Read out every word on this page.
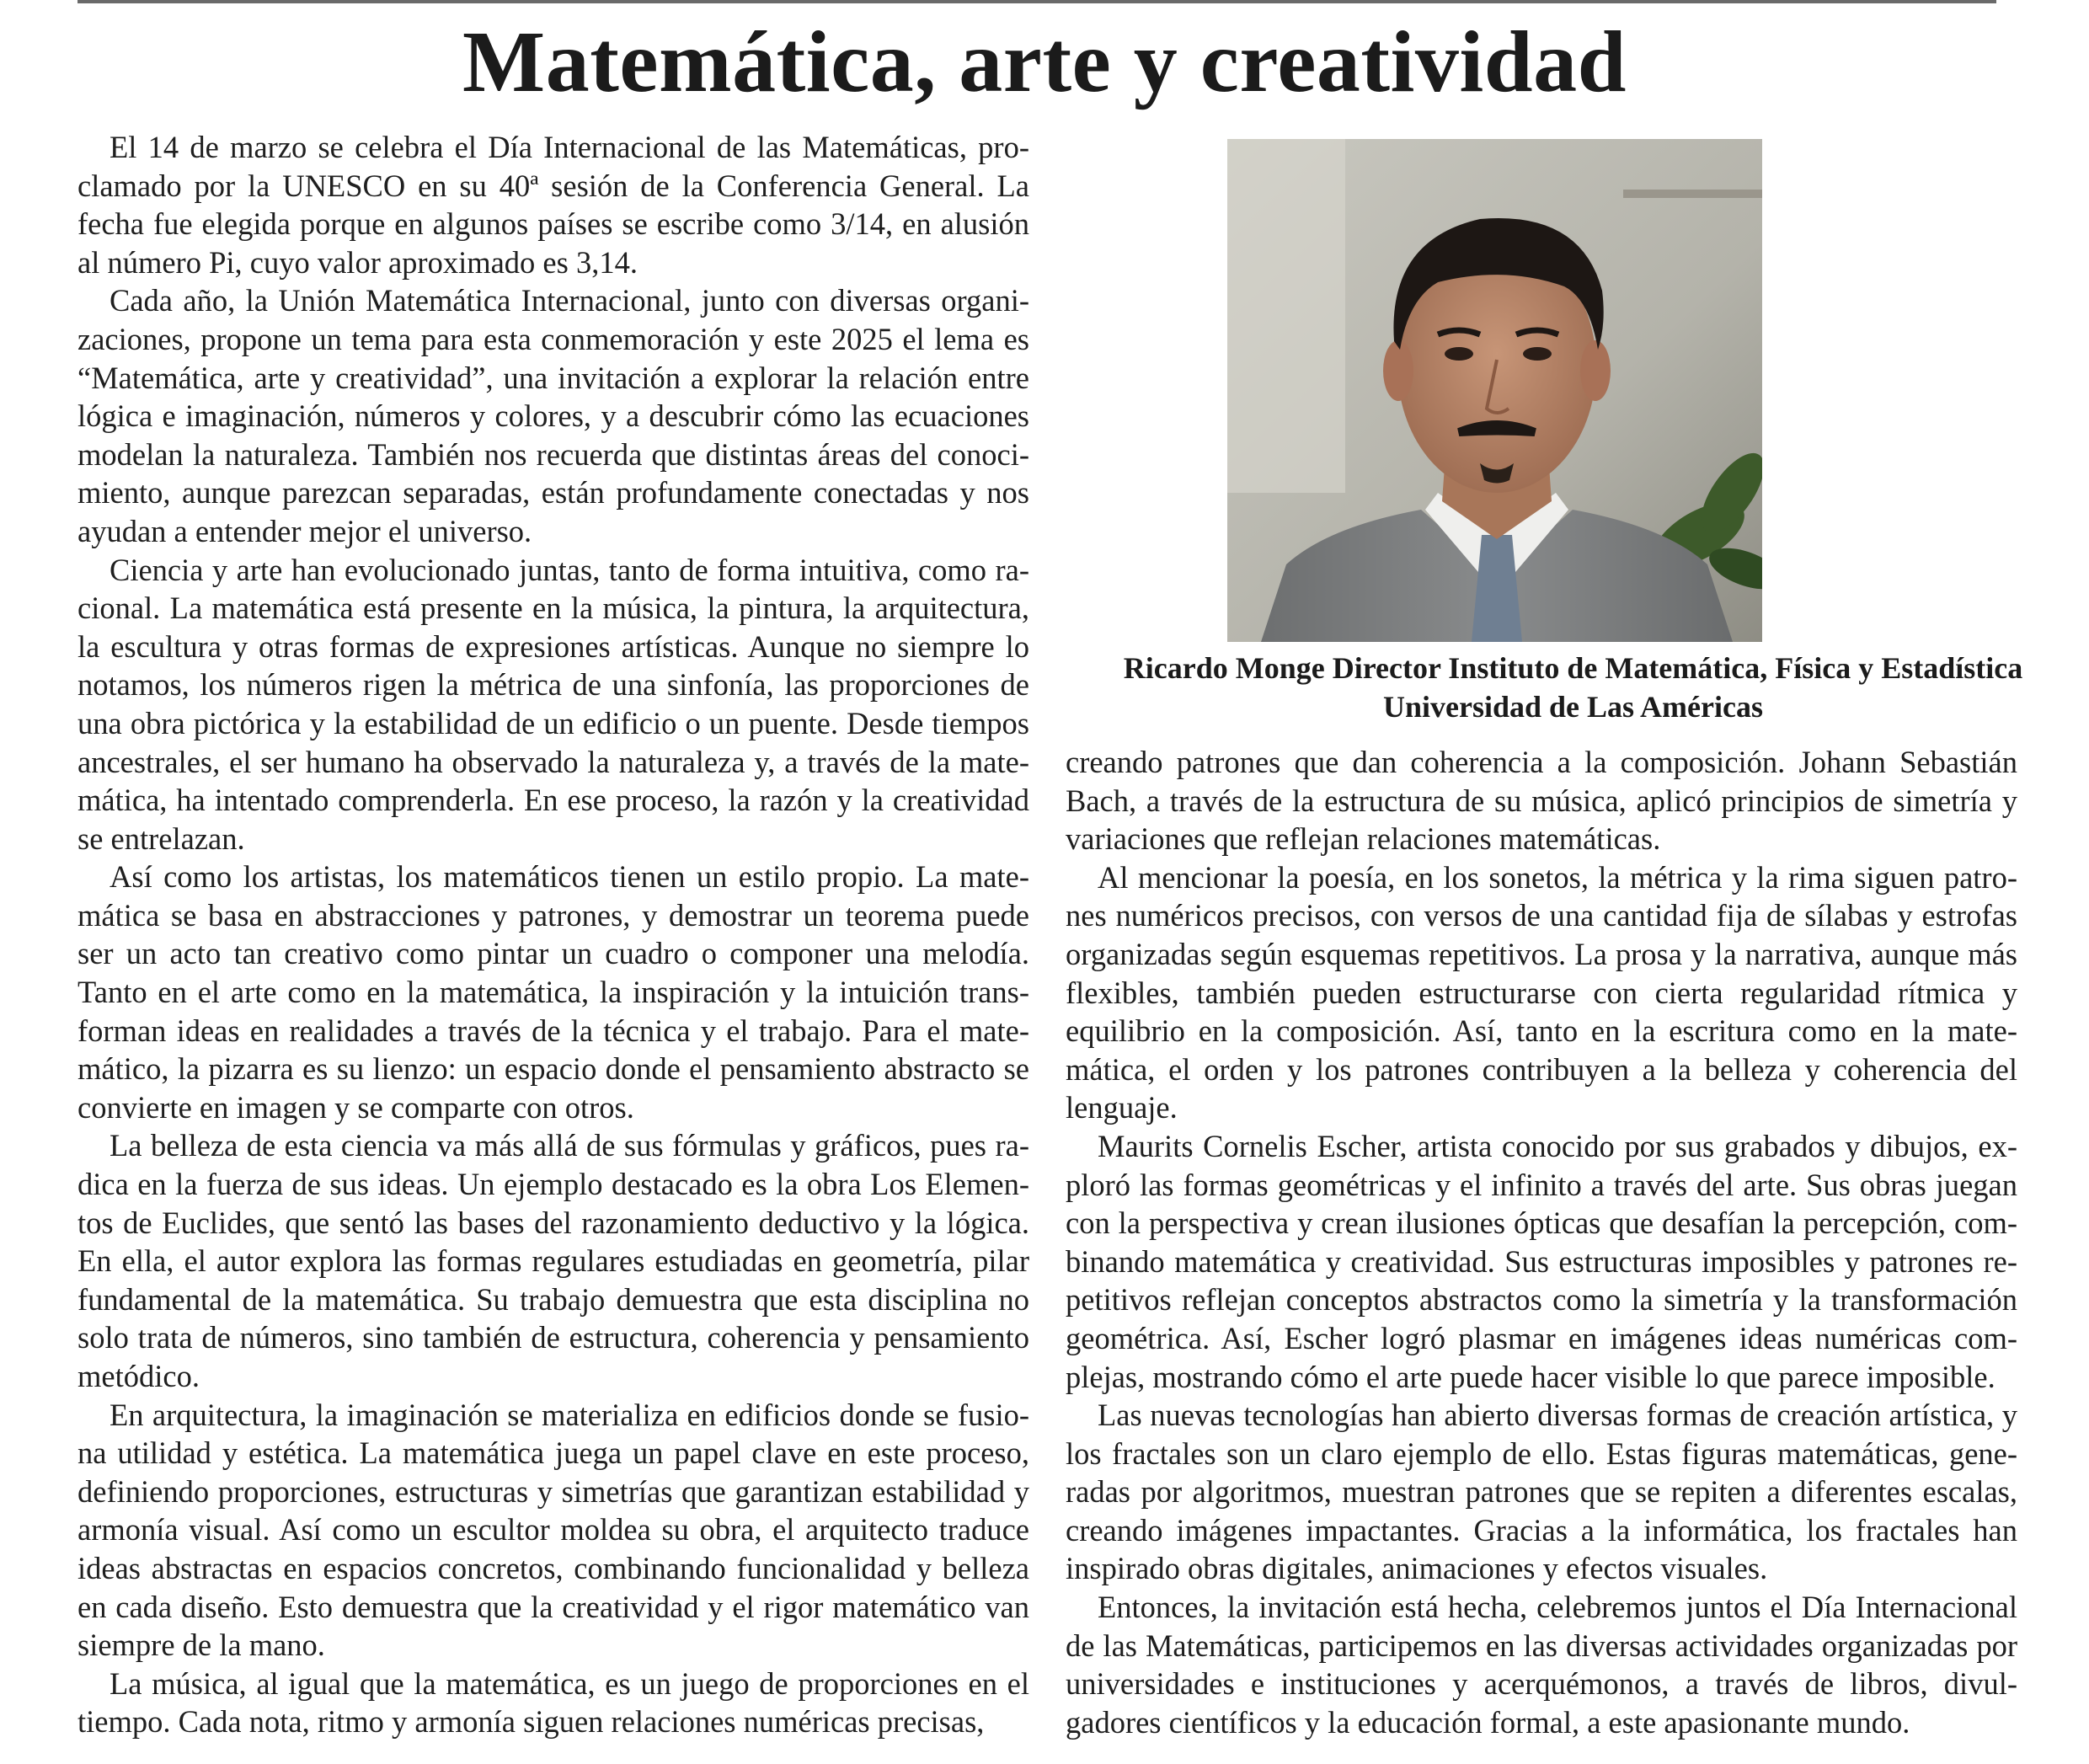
Matemática, arte y creatividad

El 14 de marzo se celebra el Día Internacional de las Matemáticas, proclamado por la UNESCO en su 40ª sesión de la Conferencia General. La fecha fue elegida porque en algunos países se escribe como 3/14, en alusión al número Pi, cuyo valor aproximado es 3,14.

Cada año, la Unión Matemática Internacional, junto con diversas organizaciones, propone un tema para esta conmemoración y este 2025 el lema es “Matemática, arte y creatividad”, una invitación a explorar la relación entre lógica e imaginación, números y colores, y a descubrir cómo las ecuaciones modelan la naturaleza. También nos recuerda que distintas áreas del conocimiento, aunque parezcan separadas, están profundamente conectadas y nos ayudan a entender mejor el universo.

Ciencia y arte han evolucionado juntas, tanto de forma intuitiva, como racional. La matemática está presente en la música, la pintura, la arquitectura, la escultura y otras formas de expresiones artísticas. Aunque no siempre lo notamos, los números rigen la métrica de una sinfonía, las proporciones de una obra pictórica y la estabilidad de un edificio o un puente. Desde tiempos ancestrales, el ser humano ha observado la naturaleza y, a través de la matemática, ha intentado comprenderla. En ese proceso, la razón y la creatividad se entrelazan.

Así como los artistas, los matemáticos tienen un estilo propio. La matemática se basa en abstracciones y patrones, y demostrar un teorema puede ser un acto tan creativo como pintar un cuadro o componer una melodía. Tanto en el arte como en la matemática, la inspiración y la intuición transforman ideas en realidades a través de la técnica y el trabajo. Para el matemático, la pizarra es su lienzo: un espacio donde el pensamiento abstracto se convierte en imagen y se comparte con otros.

La belleza de esta ciencia va más allá de sus fórmulas y gráficos, pues radica en la fuerza de sus ideas. Un ejemplo destacado es la obra Los Elementos de Euclides, que sentó las bases del razonamiento deductivo y la lógica. En ella, el autor explora las formas regulares estudiadas en geometría, pilar fundamental de la matemática. Su trabajo demuestra que esta disciplina no solo trata de números, sino también de estructura, coherencia y pensamiento metódico.

En arquitectura, la imaginación se materializa en edificios donde se fusiona utilidad y estética. La matemática juega un papel clave en este proceso, definiendo proporciones, estructuras y simetrías que garantizan estabilidad y armonía visual. Así como un escultor moldea su obra, el arquitecto traduce ideas abstractas en espacios concretos, combinando funcionalidad y belleza en cada diseño. Esto demuestra que la creatividad y el rigor matemático van siempre de la mano.

La música, al igual que la matemática, es un juego de proporciones en el tiempo. Cada nota, ritmo y armonía siguen relaciones numéricas precisas,

Ricardo Monge Director Instituto de Matemática, Física y Estadística Universidad de Las Américas

creando patrones que dan coherencia a la composición. Johann Sebastián Bach, a través de la estructura de su música, aplicó principios de simetría y variaciones que reflejan relaciones matemáticas.

Al mencionar la poesía, en los sonetos, la métrica y la rima siguen patrones numéricos precisos, con versos de una cantidad fija de sílabas y estrofas organizadas según esquemas repetitivos. La prosa y la narrativa, aunque más flexibles, también pueden estructurarse con cierta regularidad rítmica y equilibrio en la composición. Así, tanto en la escritura como en la matemática, el orden y los patrones contribuyen a la belleza y coherencia del lenguaje.

Maurits Cornelis Escher, artista conocido por sus grabados y dibujos, exploró las formas geométricas y el infinito a través del arte. Sus obras juegan con la perspectiva y crean ilusiones ópticas que desafían la percepción, combinando matemática y creatividad. Sus estructuras imposibles y patrones repetitivos reflejan conceptos abstractos como la simetría y la transformación geométrica. Así, Escher logró plasmar en imágenes ideas numéricas complejas, mostrando cómo el arte puede hacer visible lo que parece imposible.

Las nuevas tecnologías han abierto diversas formas de creación artística, y los fractales son un claro ejemplo de ello. Estas figuras matemáticas, generadas por algoritmos, muestran patrones que se repiten a diferentes escalas, creando imágenes impactantes. Gracias a la informática, los fractales han inspirado obras digitales, animaciones y efectos visuales.

Entonces, la invitación está hecha, celebremos juntos el Día Internacional de las Matemáticas, participemos en las diversas actividades organizadas por universidades e instituciones y acerquémonos, a través de libros, divulgadores científicos y la educación formal, a este apasionante mundo.
